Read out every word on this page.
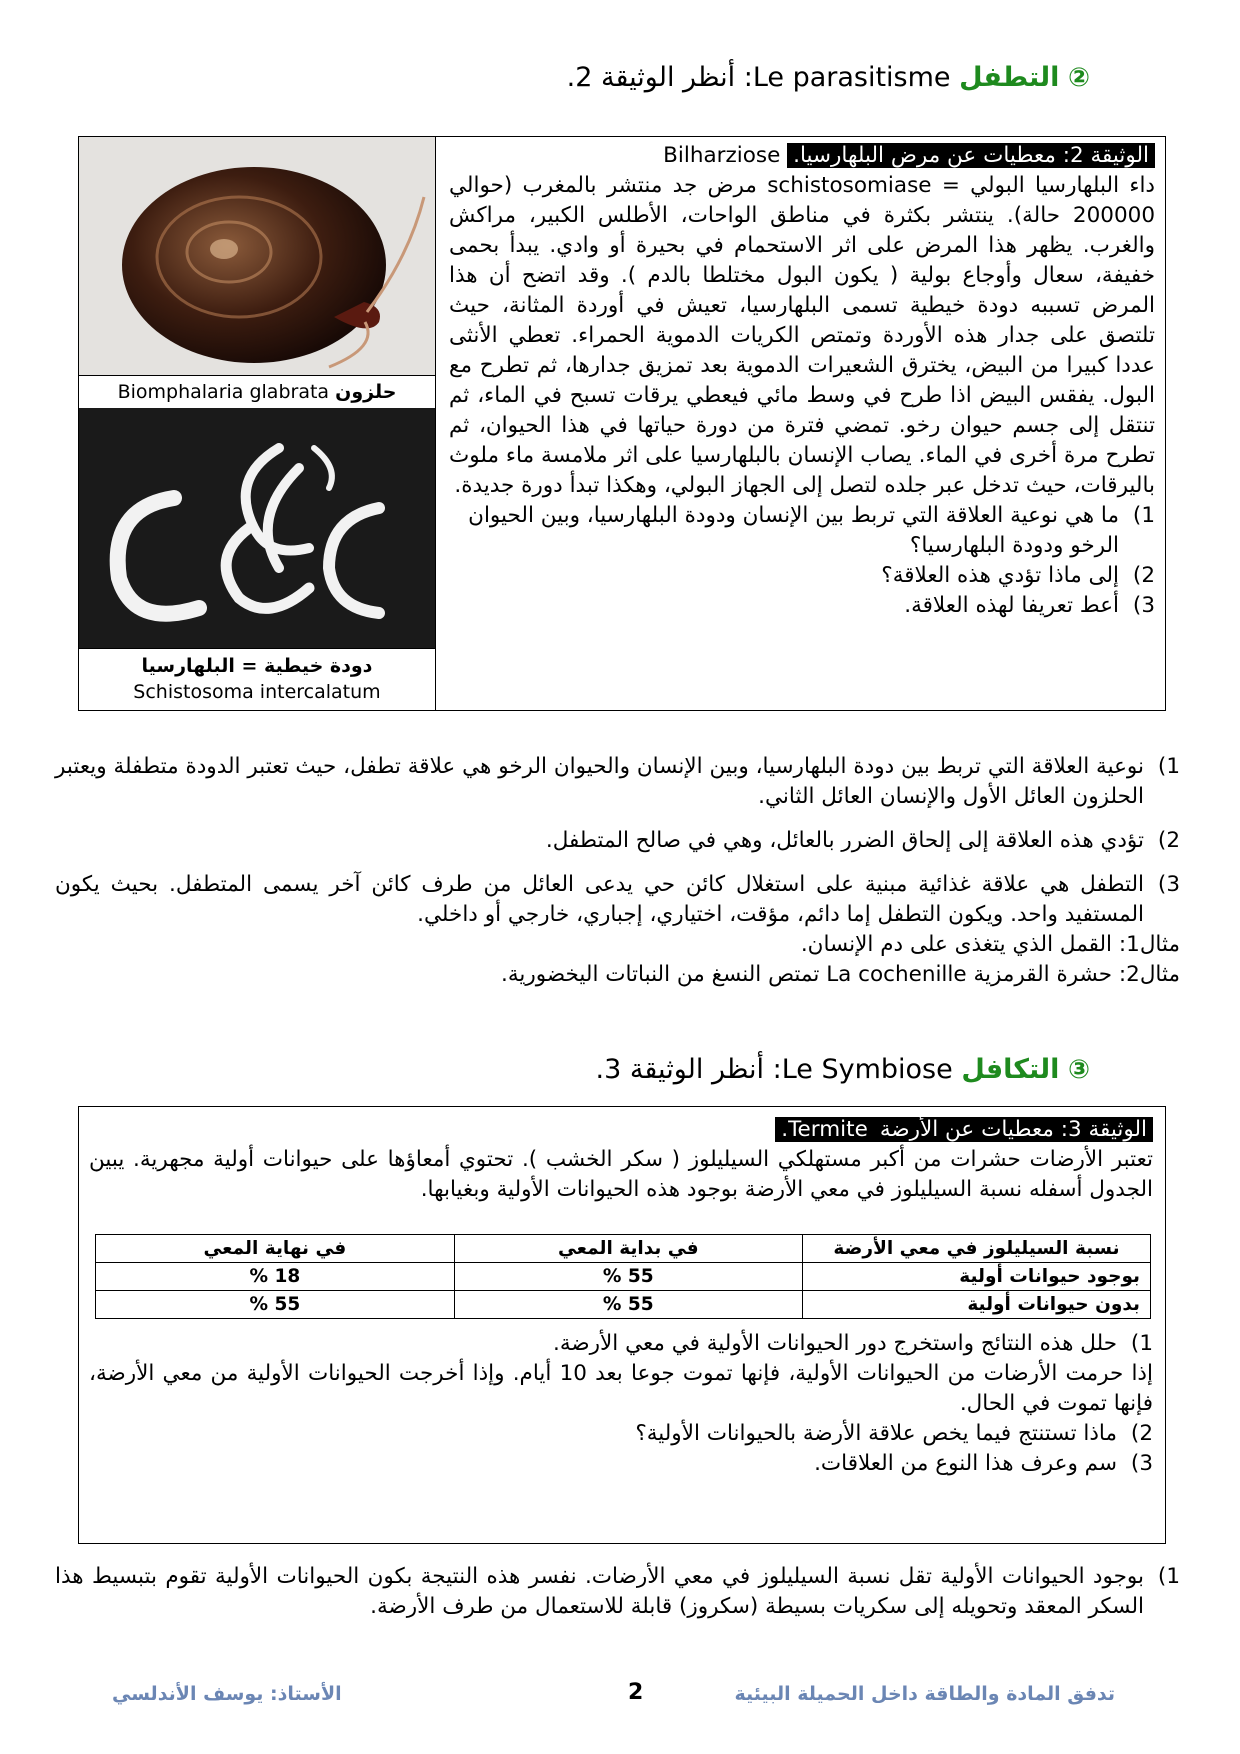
② التطفل Le parasitisme: أنظر الوثيقة 2.
Biomphalaria glabrata حلزون
دودة خيطية = البلهارسيا
Schistosoma intercalatum
الوثيقة 2: معطيات عن مرض البلهارسيا. Bilharziose
داء البلهارسيا البولي = schistosomiase مرض جد منتشر بالمغرب (حوالي 200000 حالة). ينتشر بكثرة في مناطق الواحات، الأطلس الكبير، مراكش والغرب. يظهر هذا المرض على اثر الاستحمام في بحيرة أو وادي. يبدأ بحمى خفيفة، سعال وأوجاع بولية ( يكون البول مختلطا بالدم ). وقد اتضح أن هذا المرض تسببه دودة خيطية تسمى البلهارسيا، تعيش في أوردة المثانة، حيث تلتصق على جدار هذه الأوردة وتمتص الكريات الدموية الحمراء. تعطي الأنثى عددا كبيرا من البيض، يخترق الشعيرات الدموية بعد تمزيق جدارها، ثم تطرح مع البول. يفقس البيض اذا طرح في وسط مائي فيعطي يرقات تسبح في الماء، ثم تنتقل إلى جسم حيوان رخو. تمضي فترة من دورة حياتها في هذا الحيوان، ثم تطرح مرة أخرى في الماء. يصاب الإنسان بالبلهارسيا على اثر ملامسة ماء ملوث باليرقات، حيث تدخل عبر جلده لتصل إلى الجهاز البولي، وهكذا تبدأ دورة جديدة.
1)
ما هي نوعية العلاقة التي تربط بين الإنسان ودودة البلهارسيا، وبين الحيوان الرخو ودودة البلهارسيا؟
2)
إلى ماذا تؤدي هذه العلاقة؟
3)
أعط تعريفا لهذه العلاقة.
1)
نوعية العلاقة التي تربط بين دودة البلهارسيا، وبين الإنسان والحيوان الرخو هي علاقة تطفل، حيث تعتبر الدودة متطفلة ويعتبر الحلزون العائل الأول والإنسان العائل الثاني.
2)
تؤدي هذه العلاقة إلى إلحاق الضرر بالعائل، وهي في صالح المتطفل.
3)
التطفل هي علاقة غذائية مبنية على استغلال كائن حي يدعى العائل من طرف كائن آخر يسمى المتطفل. بحيث يكون المستفيد واحد. ويكون التطفل إما دائم، مؤقت، اختياري، إجباري، خارجي أو داخلي.
مثال1: القمل الذي يتغذى على دم الإنسان.
مثال2: حشرة القرمزية La cochenille تمتص النسغ من النباتات اليخضورية.
③ التكافل Le Symbiose: أنظر الوثيقة 3.
الوثيقة 3: معطيات عن الأرضةTermite.
تعتبر الأرضات حشرات من أكبر مستهلكي السيليلوز ( سكر الخشب ). تحتوي أمعاؤها على حيوانات أولية مجهرية. يبين الجدول أسفله نسبة السيليلوز في معي الأرضة بوجود هذه الحيوانات الأولية وبغيابها.
نسبة السيليلوز في معي الأرضة	في بداية المعي	في نهاية المعي
بوجود حيوانات أولية	55 %	18 %
بدون حيوانات أولية	55 %	55 %
1)
حلل هذه النتائج واستخرج دور الحيوانات الأولية في معي الأرضة.
إذا حرمت الأرضات من الحيوانات الأولية، فإنها تموت جوعا بعد 10 أيام. وإذا أخرجت الحيوانات الأولية من معي الأرضة، فإنها تموت في الحال.
2)
ماذا تستنتج فيما يخص علاقة الأرضة بالحيوانات الأولية؟
3)
سم وعرف هذا النوع من العلاقات.
1)
بوجود الحيوانات الأولية تقل نسبة السيليلوز في معي الأرضات. نفسر هذه النتيجة بكون الحيوانات الأولية تقوم بتبسيط هذا السكر المعقد وتحويله إلى سكريات بسيطة (سكروز) قابلة للاستعمال من طرف الأرضة.
تدفق المادة والطاقة داخل الحميلة البيئية
2
الأستاذ: يوسف الأندلسي
